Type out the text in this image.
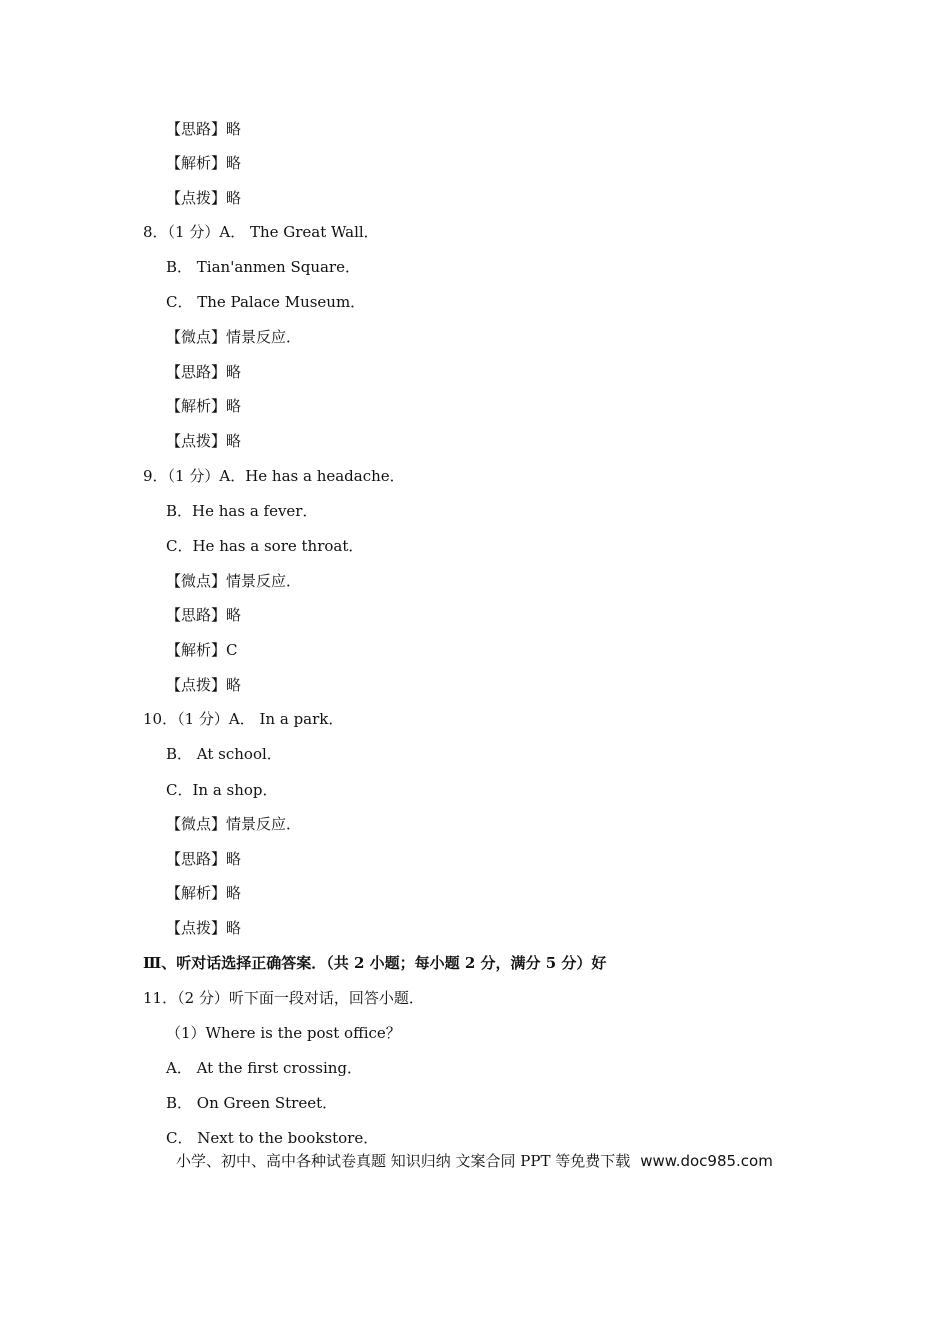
【思路】略
【解析】略
【点拨】略
8．（1 分）A． The Great Wall．
B． Tian'anmen Square．
C． The Palace Museum．
【微点】情景反应．
【思路】略
【解析】略
【点拨】略
9．（1 分）A．He has a headache．
B．He has a fever．
C．He has a sore throat．
【微点】情景反应．
【思路】略
【解析】C
【点拨】略
10．（1 分）A． In a park．
B． At school．
C．In a shop．
【微点】情景反应．
【思路】略
【解析】略
【点拨】略
Ⅲ、听对话选择正确答案．（共 2 小题；每小题 2 分，满分 5 分）好
11．（2 分）听下面一段对话，回答小题．
（1）Where is the post office？
A． At the first crossing．
B． On Green Street．
C． Next to the bookstore．
小学、初中、高中各种试卷真题 知识归纳 文案合同 PPT 等免费下载 www.doc985.com
